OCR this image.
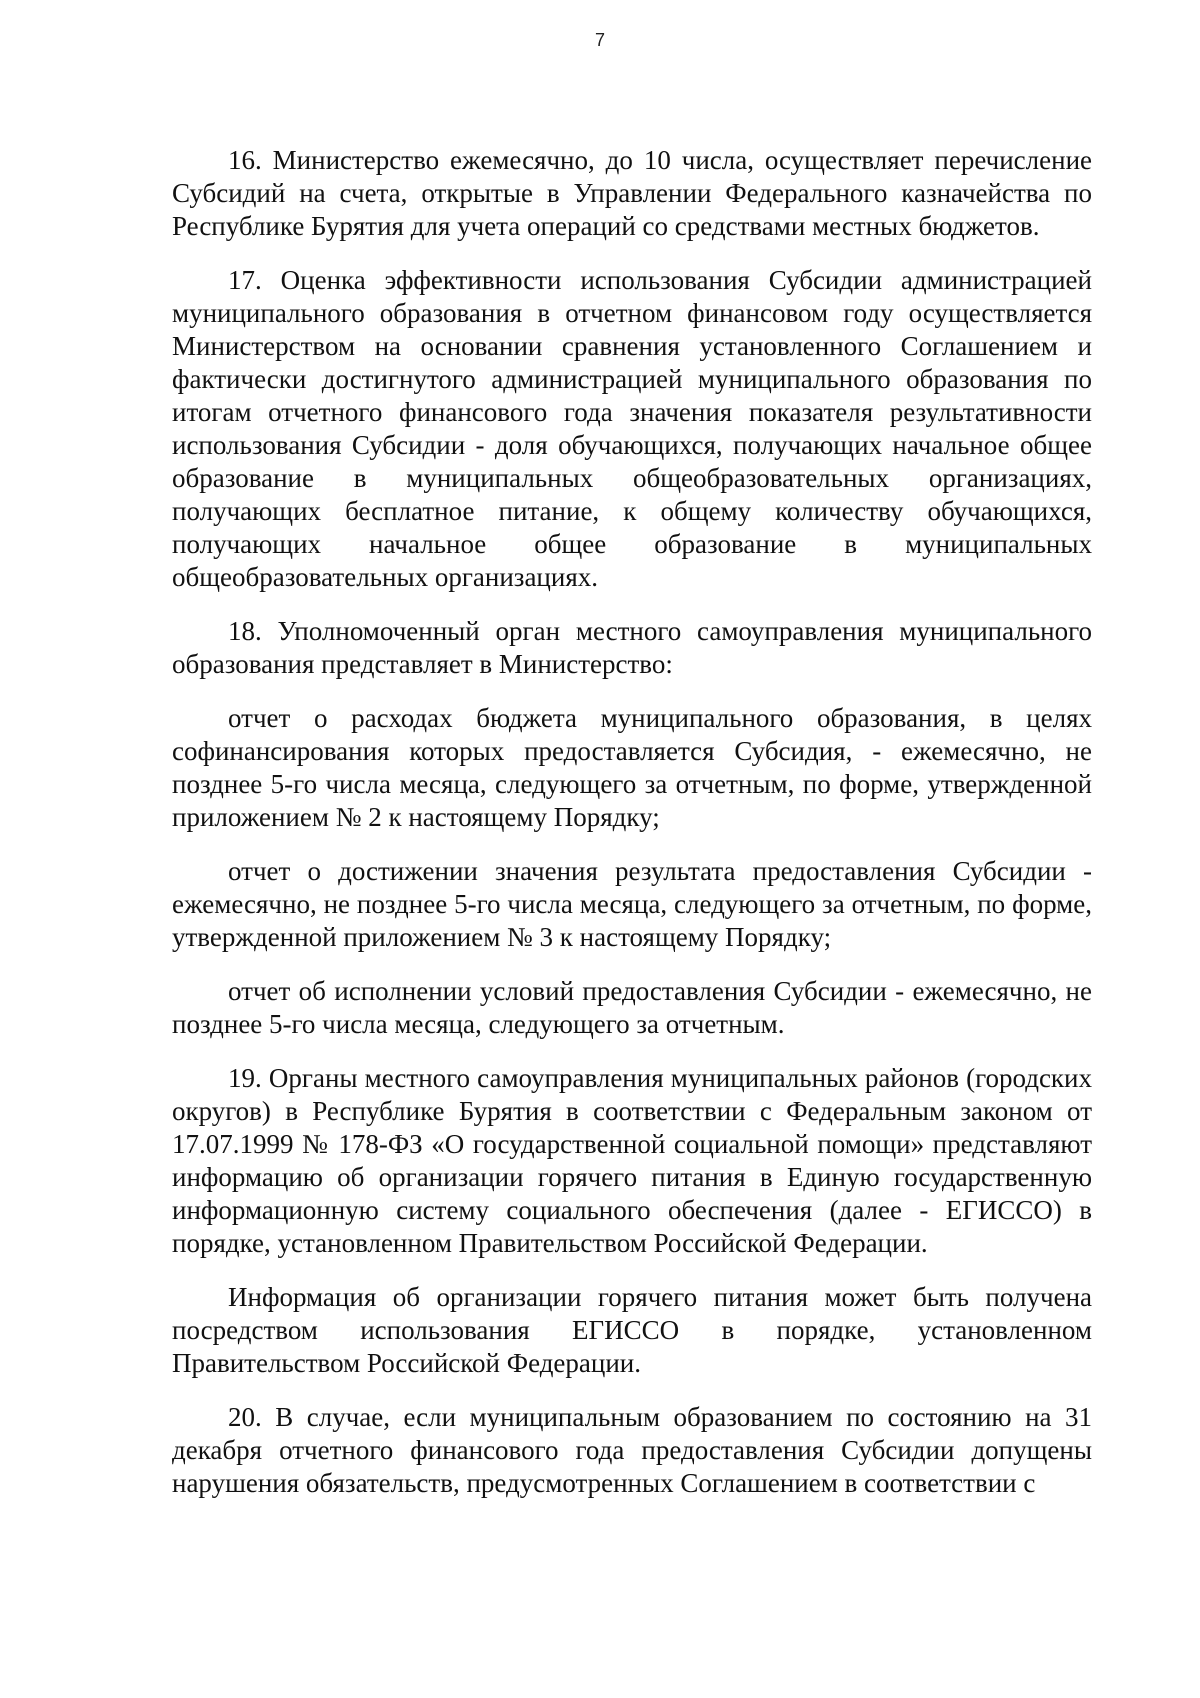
7

16. Министерство ежемесячно, до 10 числа, осуществляет перечисление Субсидий на счета, открытые в Управлении Федерального казначейства по Республике Бурятия для учета операций со средствами местных бюджетов.

17. Оценка эффективности использования Субсидии администрацией муниципального образования в отчетном финансовом году осуществляется Министерством на основании сравнения установленного Соглашением и фактически достигнутого администрацией муниципального образования по итогам отчетного финансового года значения показателя результативности использования Субсидии - доля обучающихся, получающих начальное общее образование в муниципальных общеобразовательных организациях, получающих бесплатное питание, к общему количеству обучающихся, получающих начальное общее образование в муниципальных общеобразовательных организациях.

18. Уполномоченный орган местного самоуправления муниципального образования представляет в Министерство:

отчет о расходах бюджета муниципального образования, в целях софинансирования которых предоставляется Субсидия, - ежемесячно, не позднее 5-го числа месяца, следующего за отчетным, по форме, утвержденной приложением № 2 к настоящему Порядку;

отчет о достижении значения результата предоставления Субсидии - ежемесячно, не позднее 5-го числа месяца, следующего за отчетным, по форме, утвержденной приложением № 3 к настоящему Порядку;

отчет об исполнении условий предоставления Субсидии - ежемесячно, не позднее 5-го числа месяца, следующего за отчетным.

19. Органы местного самоуправления муниципальных районов (городских округов) в Республике Бурятия в соответствии с Федеральным законом от 17.07.1999 № 178-ФЗ «О государственной социальной помощи» представляют информацию об организации горячего питания в Единую государственную информационную систему социального обеспечения (далее - ЕГИССО) в порядке, установленном Правительством Российской Федерации.

Информация об организации горячего питания может быть получена посредством использования ЕГИССО в порядке, установленном Правительством Российской Федерации.

20. В случае, если муниципальным образованием по состоянию на 31 декабря отчетного финансового года предоставления Субсидии допущены нарушения обязательств, предусмотренных Соглашением в соответствии с
